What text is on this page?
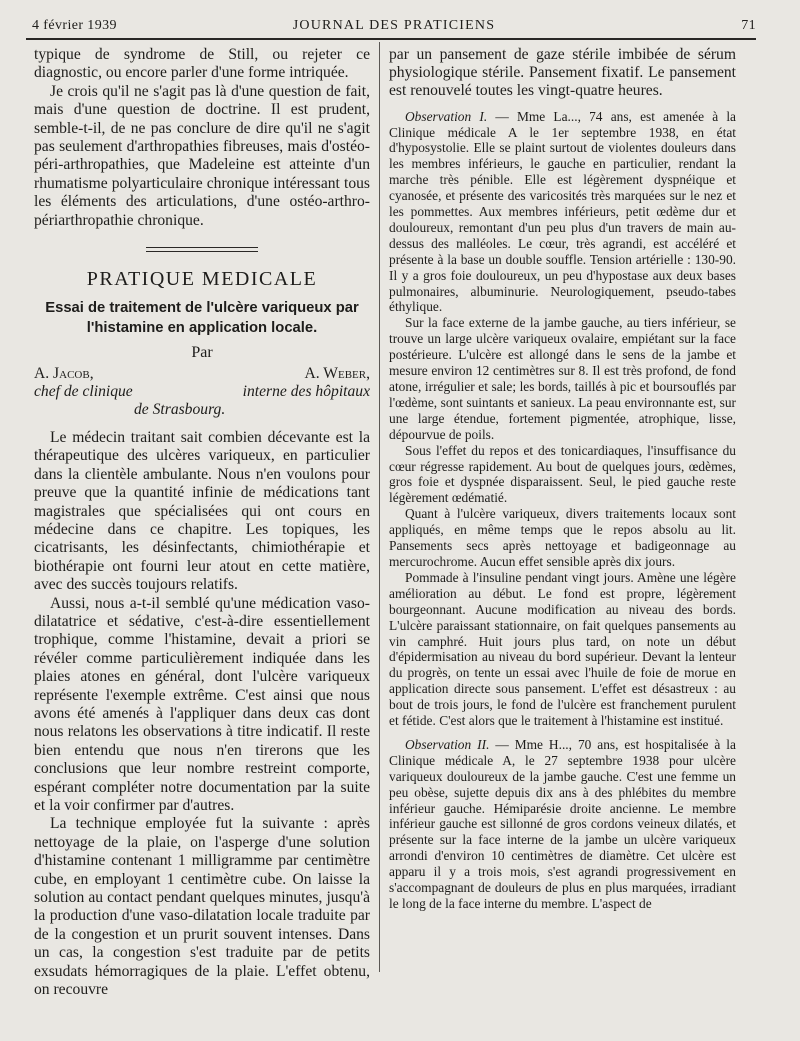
4 février 1939	JOURNAL DES PRATICIENS	71

typique de syndrome de Still, ou rejeter ce diagnostic, ou encore parler d'une forme intriquée.

Je crois qu'il ne s'agit pas là d'une question de fait, mais d'une question de doctrine. Il est prudent, semble-t-il, de ne pas conclure de dire qu'il ne s'agit pas seulement d'arthropathies fibreuses, mais d'ostéo-péri-arthropathies, que Madeleine est atteinte d'un rhumatisme polyarticulaire chronique intéressant tous les éléments des articulations, d'une ostéo-arthro-périarthropathie chronique.

PRATIQUE MEDICALE
Essai de traitement de l'ulcère variqueux par l'histamine en application locale.
Par
A. Jacob,
chef de clinique
A. Weber,
interne des hôpitaux
de Strasbourg.

Le médecin traitant sait combien décevante est la thérapeutique des ulcères variqueux, en particulier dans la clientèle ambulante. Nous n'en voulons pour preuve que la quantité infinie de médications tant magistrales que spécialisées qui ont cours en médecine dans ce chapitre. Les topiques, les cicatrisants, les désinfectants, chimiothérapie et biothérapie ont fourni leur atout en cette matière, avec des succès toujours relatifs.

Aussi, nous a-t-il semblé qu'une médication vaso-dilatatrice et sédative, c'est-à-dire essentiellement trophique, comme l'histamine, devait a priori se révéler comme particulièrement indiquée dans les plaies atones en général, dont l'ulcère variqueux représente l'exemple extrême. C'est ainsi que nous avons été amenés à l'appliquer dans deux cas dont nous relatons les observations à titre indicatif. Il reste bien entendu que nous n'en tirerons que les conclusions que leur nombre restreint comporte, espérant compléter notre documentation par la suite et la voir confirmer par d'autres.

La technique employée fut la suivante : après nettoyage de la plaie, on l'asperge d'une solution d'histamine contenant 1 milligramme par centimètre cube, en employant 1 centimètre cube. On laisse la solution au contact pendant quelques minutes, jusqu'à la production d'une vaso-dilatation locale traduite par de la congestion et un prurit souvent intenses. Dans un cas, la congestion s'est traduite par de petits exsudats hémorragiques de la plaie. L'effet obtenu, on recouvre

par un pansement de gaze stérile imbibée de sérum physiologique stérile. Pansement fixatif. Le pansement est renouvelé toutes les vingt-quatre heures.

Observation I. — Mme La..., 74 ans, est amenée à la Clinique médicale A le 1er septembre 1938, en état d'hyposystolie. Elle se plaint surtout de violentes douleurs dans les membres inférieurs, le gauche en particulier, rendant la marche très pénible. Elle est légèrement dyspnéique et cyanosée, et présente des varicosités très marquées sur le nez et les pommettes. Aux membres inférieurs, petit œdème dur et douloureux, remontant d'un peu plus d'un travers de main au-dessus des malléoles. Le cœur, très agrandi, est accéléré et présente à la base un double souffle. Tension artérielle : 130-90. Il y a gros foie douloureux, un peu d'hypostase aux deux bases pulmonaires, albuminurie. Neurologiquement, pseudo-tabes éthylique.

Sur la face externe de la jambe gauche, au tiers inférieur, se trouve un large ulcère variqueux ovalaire, empiétant sur la face postérieure. L'ulcère est allongé dans le sens de la jambe et mesure environ 12 centimètres sur 8. Il est très profond, de fond atone, irrégulier et sale; les bords, taillés à pic et boursouflés par l'œdème, sont suintants et sanieux. La peau environnante est, sur une large étendue, fortement pigmentée, atrophique, lisse, dépourvue de poils.

Sous l'effet du repos et des tonicardiaques, l'insuffisance du cœur régresse rapidement. Au bout de quelques jours, œdèmes, gros foie et dyspnée disparaissent. Seul, le pied gauche reste légèrement œdématié.

Quant à l'ulcère variqueux, divers traitements locaux sont appliqués, en même temps que le repos absolu au lit. Pansements secs après nettoyage et badigeonnage au mercurochrome. Aucun effet sensible après dix jours.

Pommade à l'insuline pendant vingt jours. Amène une légère amélioration au début. Le fond est propre, légèrement bourgeonnant. Aucune modification au niveau des bords. L'ulcère paraissant stationnaire, on fait quelques pansements au vin camphré. Huit jours plus tard, on note un début d'épidermisation au niveau du bord supérieur. Devant la lenteur du progrès, on tente un essai avec l'huile de foie de morue en application directe sous pansement. L'effet est désastreux : au bout de trois jours, le fond de l'ulcère est franchement purulent et fétide. C'est alors que le traitement à l'histamine est institué.

Observation II. — Mme H..., 70 ans, est hospitalisée à la Clinique médicale A, le 27 septembre 1938 pour ulcère variqueux douloureux de la jambe gauche. C'est une femme un peu obèse, sujette depuis dix ans à des phlébites du membre inférieur gauche. Hémiparésie droite ancienne. Le membre inférieur gauche est sillonné de gros cordons veineux dilatés, et présente sur la face interne de la jambe un ulcère variqueux arrondi d'environ 10 centimètres de diamètre. Cet ulcère est apparu il y a trois mois, s'est agrandi progressivement en s'accompagnant de douleurs de plus en plus marquées, irradiant le long de la face interne du membre. L'aspect de
